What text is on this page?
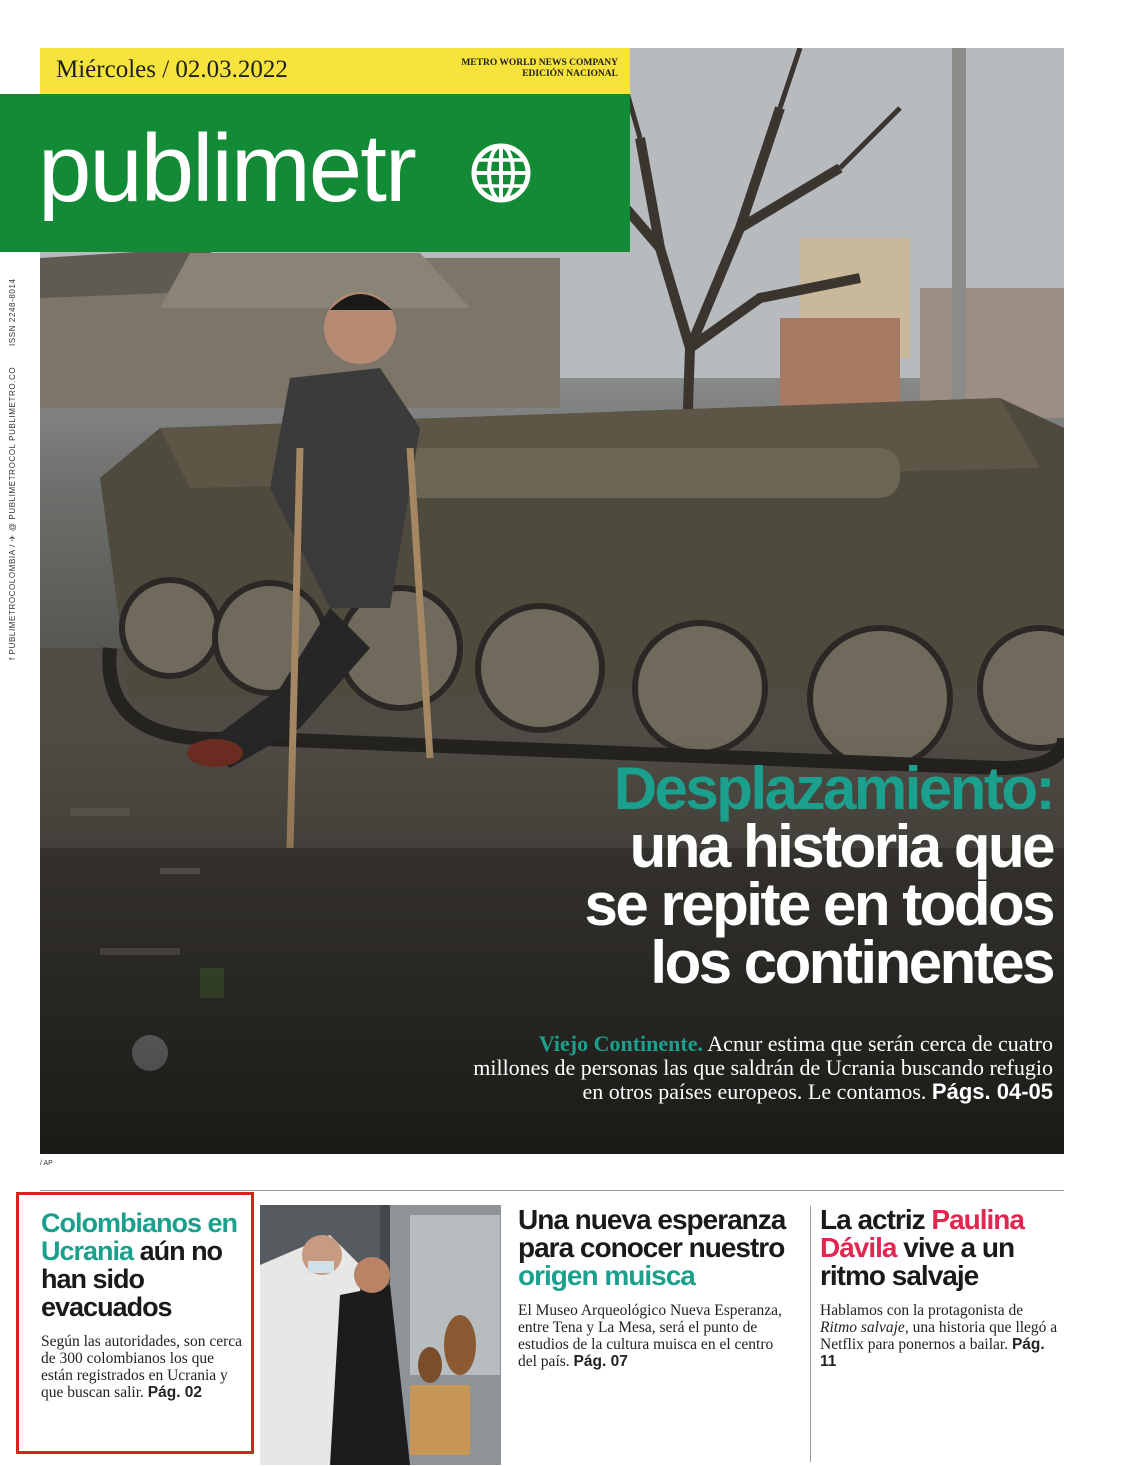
Miércoles / 02.03.2022	METRO WORLD NEWS COMPANY
EDICIÓN NACIONAL
publimetr
f PUBLIMETROCOLOMBIA / ✈ @ PUBLIMETROCOL PUBLIMETRO.CO
ISSN 2248-8014
Desplazamiento:
una historia que
se repite en todos
los continentes
Viejo Continente. Acnur estima que serán cerca de cuatro millones de personas las que saldrán de Ucrania buscando refugio en otros países europeos. Le contamos. Págs. 04-05
/ AP
Colombianos en Ucrania aún no han sido evacuados
Según las autoridades, son cerca de 300 colombianos los que están registrados en Ucrania y que buscan salir. Pág. 02
Una nueva esperanza para conocer nuestro origen muisca
El Museo Arqueológico Nueva Esperanza, entre Tena y La Mesa, será el punto de estudios de la cultura muisca en el centro del país. Pág. 07
La actriz Paulina Dávila vive a un ritmo salvaje
Hablamos con la protagonista de Ritmo salvaje, una historia que llegó a Netflix para ponernos a bailar. Pág. 11
